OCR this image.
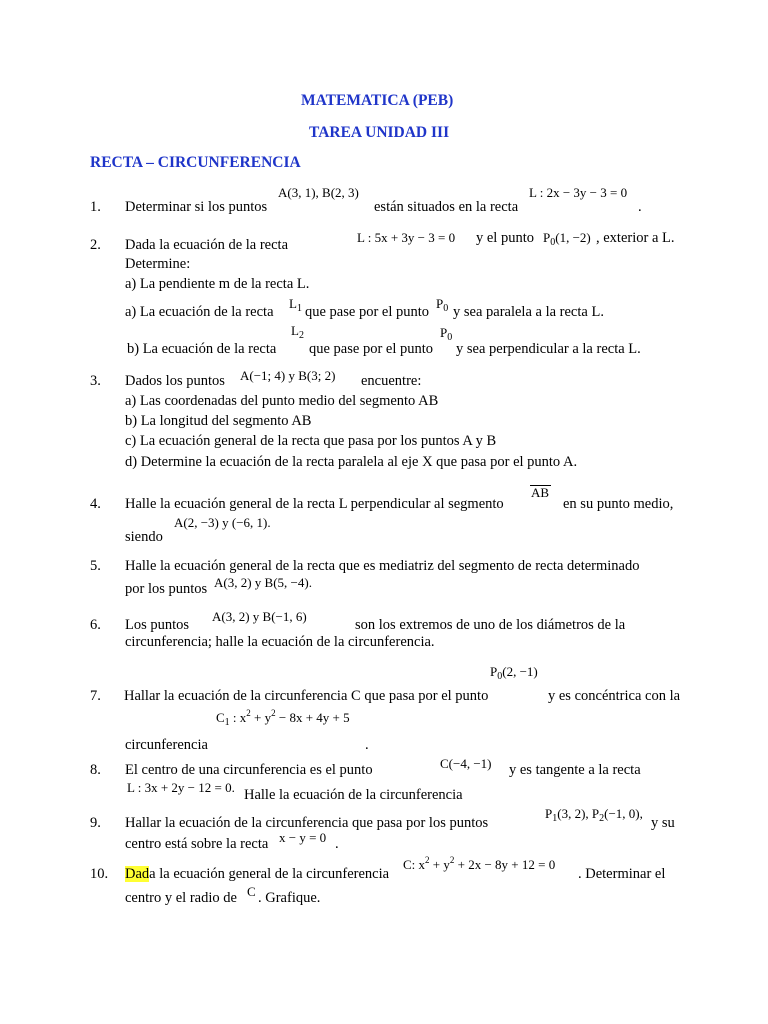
MATEMATICA (PEB)
TAREA UNIDAD III
RECTA – CIRCUNFERENCIA
1. Determinar si los puntos
A(3, 1), B(2, 3)
están situados en la recta
L : 2x − 3y − 3 = 0
.
2. Dada la ecuación de la recta	L : 5x + 3y − 3 = 0 y el punto $P_0(1$, −2) , exterior a L.
Determine:
a) La pendiente m de la recta L.
a) La ecuación de la recta
$L_1$ que pase por el punto
$P_0$ y sea paralela a la recta L.
b) La ecuación de la recta
$L_2$
que pase por el punto
$P_0$
y sea perpendicular a la recta L.
3. Dados los puntos A(−1; 4) y B(3; 2) encuentre:
a) Las coordenadas del punto medio del segmento AB
b) La longitud del segmento AB
c) La ecuación general de la recta que pasa por los puntos A y B
d) Determine la ecuación de la recta paralela al eje X que pasa por el punto A.
4. Halle la ecuación general de la recta L perpendicular al segmento
AB
en su punto medio,
A(2, −3) y (−6, 1).
siendo
5. Halle la ecuación general de la recta que es mediatriz del segmento de recta determinado
por los puntos A(3, 2) y B(5, −4).
6. Los puntos
A(3, 2) y B(−1, 6)
son los extremos de uno de los diámetros de la
circunferencia; halle la ecuación de la circunferencia.
7.
$P_0(2$, −1)
Hallar la ecuación de la circunferencia C que pasa por el punto	y es concéntrica con la
$C_1$ : $x^2 + y^2 - 8x + 4y + 5$
circunferencia	.
8. El centro de una circunferencia es el punto	C(−4, −1) y es tangente a la recta
L : 3x + 2y − 12 = 0. Halle la ecuación de la circunferencia
9. Hallar la ecuación de la circunferencia que pasa por los puntos
$P_1(3$, 2), $P_2(-1$, 0),
y su
centro está sobre la recta x − y = 0 .
10. Dada la ecuación general de la circunferencia
C: $x^2 + y^2 + 2x - 8y + 12 = 0$
. Determinar el
centro y el radio de C . Grafique.
